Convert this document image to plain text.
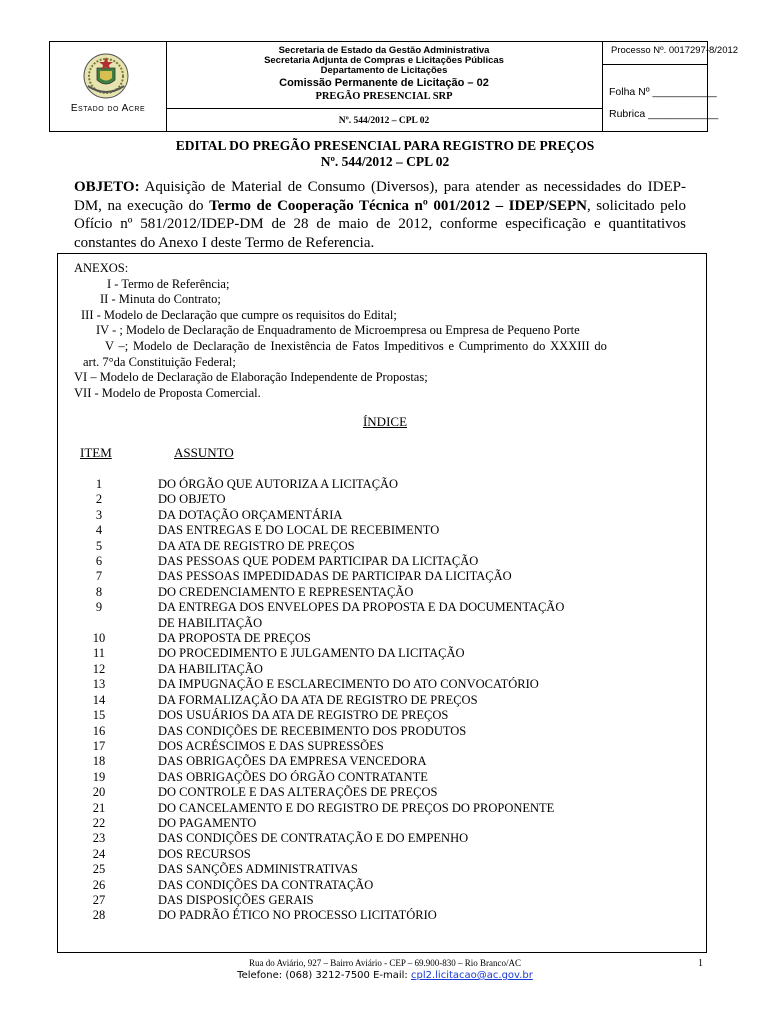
Estado do Acre
Secretaria de Estado da Gestão Administrativa
Secretaria Adjunta de Compras e Licitações Públicas
Departamento de Licitações
Comissão Permanente de Licitação – 02
PREGÃO PRESENCIAL SRP
Nº. 544/2012 – CPL 02
Processo Nº. 0017297-8/2012
Folha Nº ___________
Rubrica ____________
EDITAL DO PREGÃO PRESENCIAL PARA REGISTRO DE PREÇOS
Nº. 544/2012 – CPL 02
OBJETO: Aquisição de Material de Consumo (Diversos), para atender as necessidades do IDEP-DM, na execução do Termo de Cooperação Técnica nº 001/2012 – IDEP/SEPN, solicitado pelo Ofício nº 581/2012/IDEP-DM de 28 de maio de 2012, conforme especificação e quantitativos constantes do Anexo I deste Termo de Referencia.
ANEXOS:
I - Termo de Referência;
II - Minuta do Contrato;
III - Modelo de Declaração que cumpre os requisitos do Edital;
IV - ; Modelo de Declaração de Enquadramento de Microempresa ou Empresa de Pequeno Porte
V –; Modelo de Declaração de Inexistência de Fatos Impeditivos e Cumprimento do XXXIII do
art. 7°da Constituição Federal;
VI – Modelo de Declaração de Elaboração Independente de Propostas;
VII - Modelo de Proposta Comercial.
ÍNDICE
ITEM	ASSUNTO
1	DO ÓRGÃO QUE AUTORIZA A LICITAÇÃO
2	DO OBJETO
3	DA DOTAÇÃO ORÇAMENTÁRIA
4	DAS ENTREGAS E DO LOCAL DE RECEBIMENTO
5	DA ATA DE REGISTRO DE PREÇOS
6	DAS PESSOAS QUE PODEM PARTICIPAR DA LICITAÇÃO
7	DAS PESSOAS IMPEDIDADAS DE PARTICIPAR DA LICITAÇÃO
8	DO CREDENCIAMENTO E REPRESENTAÇÃO
9	DA ENTREGA DOS ENVELOPES DA PROPOSTA E DA DOCUMENTAÇÃO
DE HABILITAÇÃO
10	DA PROPOSTA DE PREÇOS
11	DO PROCEDIMENTO E JULGAMENTO DA LICITAÇÃO
12	DA HABILITAÇÃO
13	DA IMPUGNAÇÃO E ESCLARECIMENTO DO ATO CONVOCATÓRIO
14	DA FORMALIZAÇÃO DA ATA DE REGISTRO DE PREÇOS
15	DOS USUÁRIOS DA ATA DE REGISTRO DE PREÇOS
16	DAS CONDIÇÕES DE RECEBIMENTO DOS PRODUTOS
17	DOS ACRÉSCIMOS E DAS SUPRESSÕES
18	DAS OBRIGAÇÕES DA EMPRESA VENCEDORA
19	DAS OBRIGAÇÕES DO ÓRGÃO CONTRATANTE
20	DO CONTROLE E DAS ALTERAÇÕES DE PREÇOS
21	DO CANCELAMENTO E DO REGISTRO DE PREÇOS DO PROPONENTE
22	DO PAGAMENTO
23	DAS CONDIÇÕES DE CONTRATAÇÃO E DO EMPENHO
24	DOS RECURSOS
25	DAS SANÇÕES ADMINISTRATIVAS
26	DAS CONDIÇÕES DA CONTRATAÇÃO
27	DAS DISPOSIÇÕES GERAIS
28	DO PADRÃO ÉTICO NO PROCESSO LICITATÓRIO
Rua do Aviário, 927 – Bairro Aviário - CEP – 69.900-830 – Rio Branco/AC
Telefone: (068) 3212-7500 E-mail: cpl2.licitacao@ac.gov.br
1
